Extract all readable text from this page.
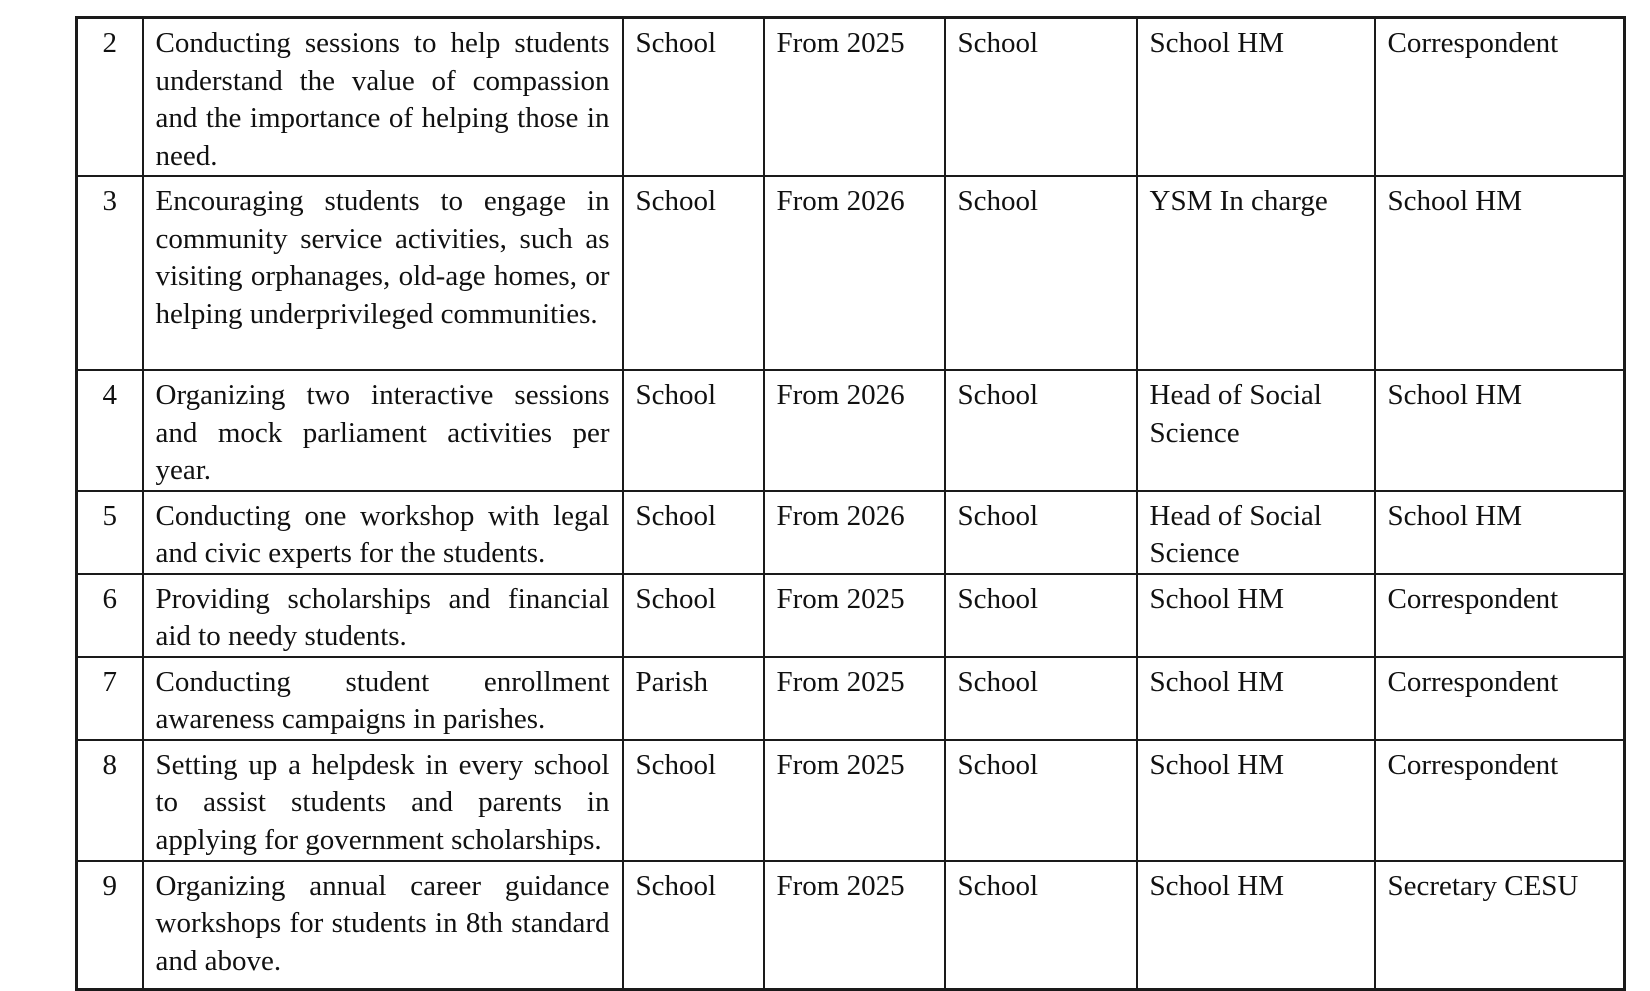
2	Conducting sessions to help students understand the value of compassion and the importance of helping those in need.	School	From 2025	School	School HM	Correspondent
3	Encouraging students to engage in community service activities, such as visiting orphanages, old-age homes, or helping underprivileged communities.	School	From 2026	School	YSM In charge	School HM
4	Organizing two interactive sessions and mock parliament activities per year.	School	From 2026	School	Head of Social Science	School HM
5	Conducting one workshop with legal and civic experts for the students.	School	From 2026	School	Head of Social Science	School HM
6	Providing scholarships and financial aid to needy students.	School	From 2025	School	School HM	Correspondent
7	Conducting student enrollment awareness campaigns in parishes.	Parish	From 2025	School	School HM	Correspondent
8	Setting up a helpdesk in every school to assist students and parents in applying for government scholarships.	School	From 2025	School	School HM	Correspondent
9	Organizing annual career guidance workshops for students in 8th standard and above.	School	From 2025	School	School HM	Secretary CESU
